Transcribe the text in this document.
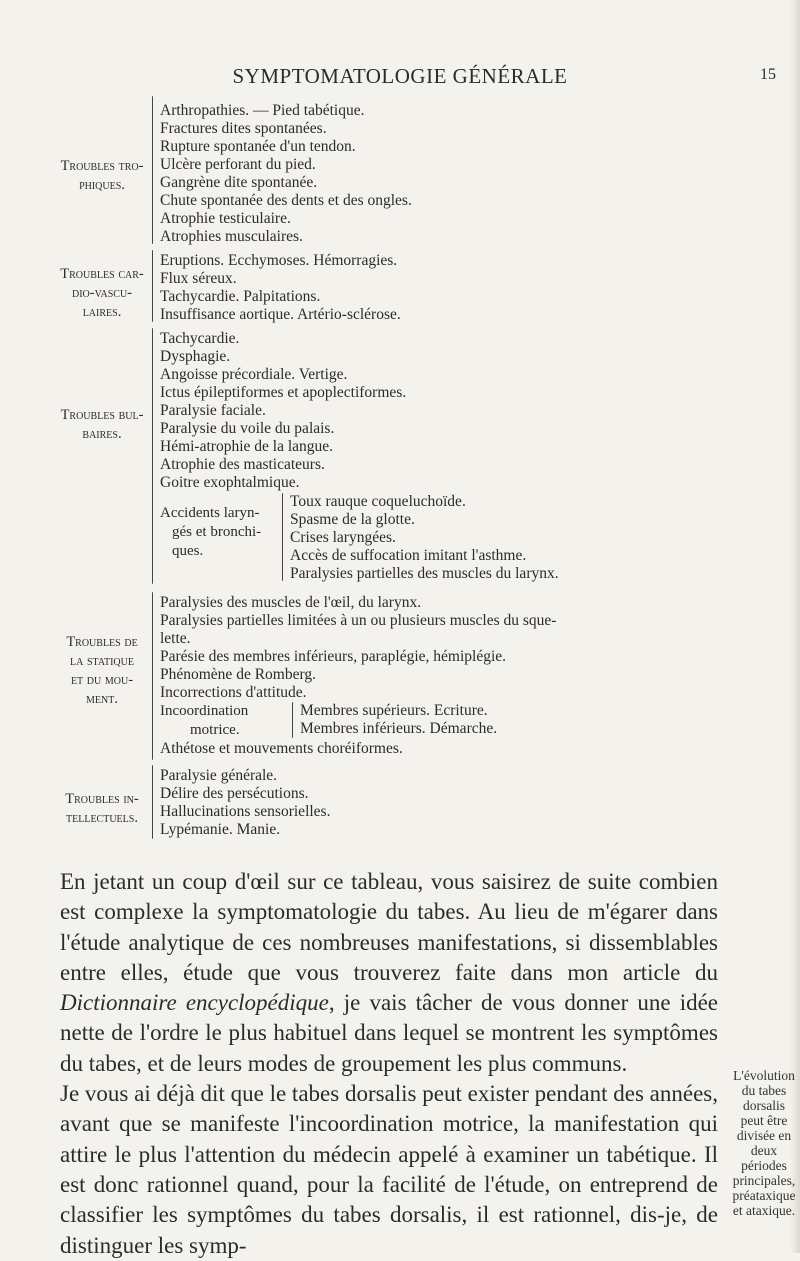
SYMPTOMATOLOGIE GÉNÉRALE	15
Troubles tro-
phiques.
Arthropathies. — Pied tabétique.
Fractures dites spontanées.
Rupture spontanée d'un tendon.
Ulcère perforant du pied.
Gangrène dite spontanée.
Chute spontanée des dents et des ongles.
Atrophie testiculaire.
Atrophies musculaires.
Troubles car-
dio-vascu-
laires.
Eruptions. Ecchymoses. Hémorragies.
Flux séreux.
Tachycardie. Palpitations.
Insuffisance aortique. Artério-sclérose.
Troubles bul-
baires.
Tachycardie.
Dysphagie.
Angoisse précordiale. Vertige.
Ictus épileptiformes et apoplectiformes.
Paralysie faciale.
Paralysie du voile du palais.
Hémi-atrophie de la langue.
Atrophie des masticateurs.
Goitre exophtalmique.
Accidents laryn-
gés et bronchi-
ques.
Toux rauque coqueluchoïde.
Spasme de la glotte.
Crises laryngées.
Accès de suffocation imitant l'asthme.
Paralysies partielles des muscles du larynx.
Troubles de
la statique
et du mou-
ment.
Paralysies des muscles de l'œil, du larynx.
Paralysies partielles limitées à un ou plusieurs muscles du sque-
lette.
Parésie des membres inférieurs, paraplégie, hémiplégie.
Phénomène de Romberg.
Incorrections d'attitude.
Incoordination
motrice.
Membres supérieurs. Ecriture.
Membres inférieurs. Démarche.
Athétose et mouvements choréiformes.
Troubles in-
tellectuels.
Paralysie générale.
Délire des persécutions.
Hallucinations sensorielles.
Lypémanie. Manie.

En jetant un coup d'œil sur ce tableau, vous saisirez de suite combien est complexe la symptomatologie du tabes. Au lieu de m'égarer dans l'étude analytique de ces nombreuses manifestations, si dissemblables entre elles, étude que vous trouverez faite dans mon article du Dictionnaire encyclopédique, je vais tâcher de vous donner une idée nette de l'ordre le plus habituel dans lequel se montrent les symptômes du tabes, et de leurs modes de groupement les plus communs.

Je vous ai déjà dit que le tabes dorsalis peut exister pendant des années, avant que se manifeste l'incoordination motrice, la manifestation qui attire le plus l'attention du médecin appelé à examiner un tabétique. Il est donc rationnel quand, pour la facilité de l'étude, on entreprend de classifier les symptômes du tabes dorsalis, il est rationnel, dis-je, de distinguer les symp-

L'évolution du tabes dorsalis peut être divisée en deux périodes principales, préataxique et ataxique.
